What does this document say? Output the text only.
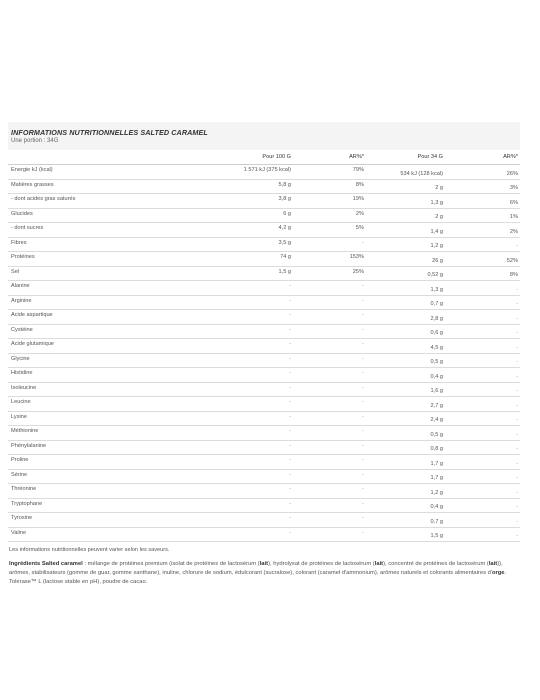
INFORMATIONS NUTRITIONNELLES SALTED CARAMEL
Une portion : 34G
	Pour 100 G	AR%*	Pour 34 G	AR%*
Energie kJ (kcal)	1 571 kJ (375 kcal)	79%	534 kJ (128 kcal)	26%
Matières grasses	5,8 g	8%	2 g	3%
- dont acides gras saturés	3,8 g	19%	1,3 g	6%
Glucides	6 g	2%	2 g	1%
- dont sucres	4,2 g	5%	1,4 g	2%
Fibres	3,5 g	-	1,2 g	-
Protéines	74 g	153%	26 g	52%
Sel	1,5 g	25%	0,52 g	8%
Alanine	-	-	1,3 g	-
Arginine	-	-	0,7 g	-
Acide aspartique	-	-	2,8 g	-
Cystéine	-	-	0,6 g	-
Acide glutamique	-	-	4,5 g	-
Glycine	-	-	0,5 g	-
Histidine	-	-	0,4 g	-
Isoleucine	-	-	1,6 g	-
Leucine	-	-	2,7 g	-
Lysine	-	-	2,4 g	-
Méthionine	-	-	0,5 g	-
Phénylalanine	-	-	0,8 g	-
Proline	-	-	1,7 g	-
Sérine	-	-	1,7 g	-
Thréonine	-	-	1,2 g	-
Tryptophane	-	-	0,4 g	-
Tyrosine	-	-	0,7 g	-
Valine	-	-	1,5 g	-
Les informations nutritionnelles peuvent varier selon les saveurs.
Ingrédients Salted caramel : mélange de protéines premium (isolat de protéines de lactosérum (lait), hydrolysat de protéines de lactosérum (lait), concentré de protéines de lactosérum (lait)), arômes, stabilisateurs (gomme de guar, gomme xanthane), inuline, chlorure de sodium, édulcorant (sucralose), colorant (caramel d'ammonium), arômes naturels et colorants alimentaires d'orge. Tolerase™ L (lactose stable en pH), poudre de cacao.
